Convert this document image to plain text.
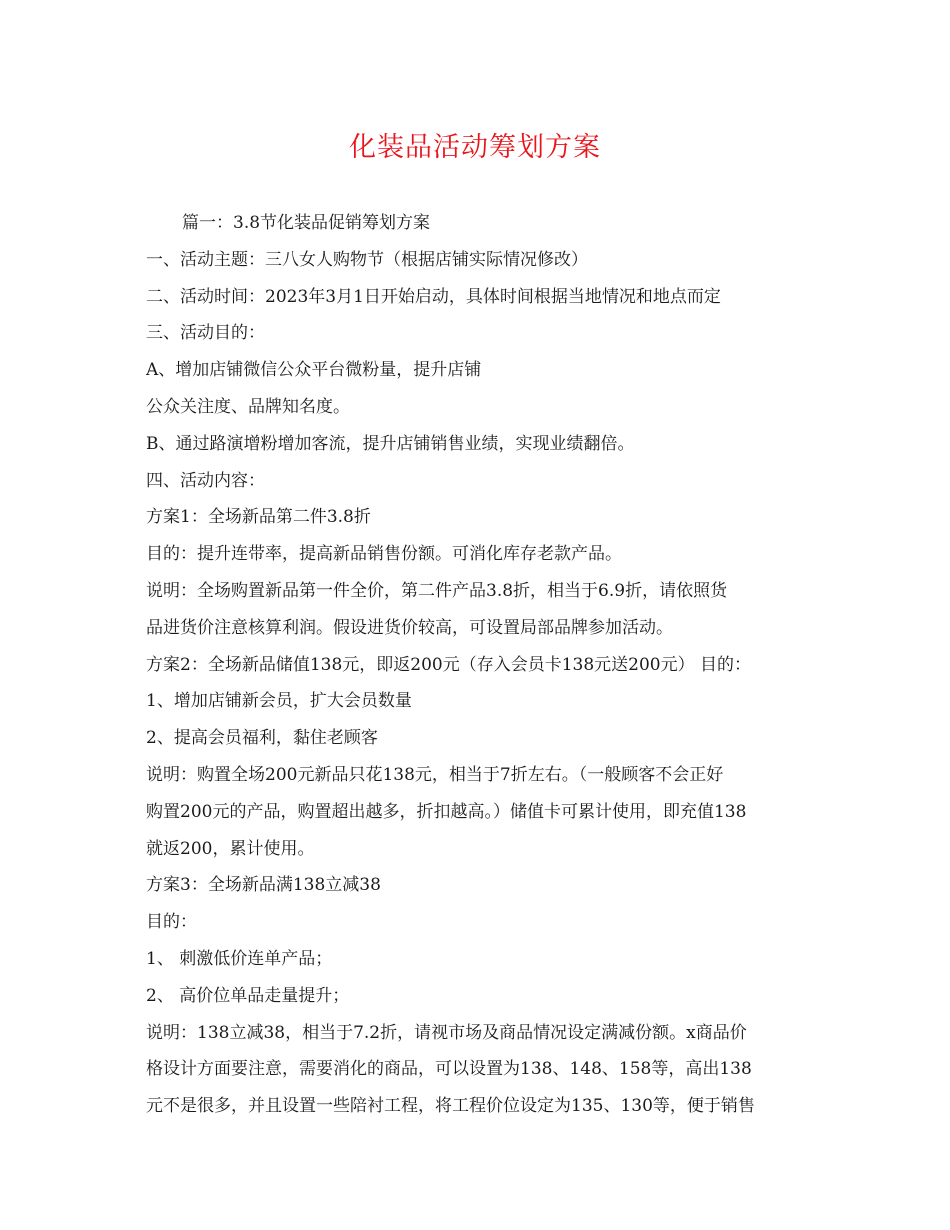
化装品活动筹划方案
篇一：3.8节化装品促销筹划方案
一、活动主题：三八女人购物节（根据店铺实际情况修改）
二、活动时间：2023年3月1日开始启动，具体时间根据当地情况和地点而定
三、活动目的：
A、增加店铺微信公众平台微粉量，提升店铺
公众关注度、品牌知名度。
B、通过路演增粉增加客流，提升店铺销售业绩，实现业绩翻倍。
四、活动内容：
方案1：全场新品第二件3.8折
目的：提升连带率，提高新品销售份额。可消化库存老款产品。
说明：全场购置新品第一件全价，第二件产品3.8折，相当于6.9折，请依照货
品进货价注意核算利润。假设进货价较高，可设置局部品牌参加活动。
方案2：全场新品储值138元，即返200元（存入会员卡138元送200元） 目的：
1、增加店铺新会员，扩大会员数量
2、提高会员福利，黏住老顾客
说明：购置全场200元新品只花138元，相当于7折左右。（一般顾客不会正好
购置200元的产品，购置超出越多，折扣越高。）储值卡可累计使用，即充值138
就返200，累计使用。
方案3：全场新品满138立减38
目的：
1、 刺激低价连单产品；
2、 高价位单品走量提升；
说明：138立减38，相当于7.2折，请视市场及商品情况设定满减份额。x商品价
格设计方面要注意，需要消化的商品，可以设置为138、148、158等，高出138
元不是很多，并且设置一些陪衬工程，将工程价位设定为135、130等，便于销售
